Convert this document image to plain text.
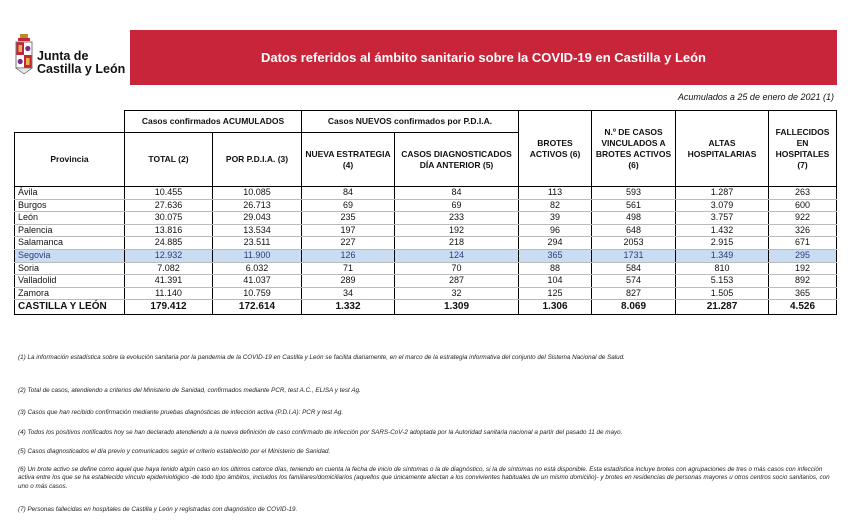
Junta de
Castilla y León
Datos referidos al ámbito sanitario sobre la COVID-19 en Castilla y León
Acumulados a 25 de enero de 2021 (1)
	Casos confirmados ACUMULADOS		Casos NUEVOS confirmados por P.D.I.A.		BROTES ACTIVOS (6)	N.º DE CASOS VINCULADOS A BROTES ACTIVOS (6)	ALTAS HOSPITALARIAS	FALLECIDOS EN HOSPITALES (7)
Provincia	TOTAL (2)	POR P.D.I.A. (3)	NUEVA ESTRATEGIA (4)	CASOS DIAGNOSTICADOS DÍA ANTERIOR (5)				
Ávila	10.455	10.085	84	84	113	593	1.287	263
Burgos	27.636	26.713	69	69	82	561	3.079	600
León	30.075	29.043	235	233	39	498	3.757	922
Palencia	13.816	13.534	197	192	96	648	1.432	326
Salamanca	24.885	23.511	227	218	294	2053	2.915	671
Segovia	12.932	11.900	126	124	365	1731	1.349	295
Soria	7.082	6.032	71	70	88	584	810	192
Valladolid	41.391	41.037	289	287	104	574	5.153	892
Zamora	11.140	10.759	34	32	125	827	1.505	365
CASTILLA Y LEÓN	179.412	172.614	1.332	1.309	1.306	8.069	21.287	4.526

(1) La información estadística sobre la evolución sanitaria por la pandemia de la COVID-19 en Castilla y León se facilita diariamente, en el marco de la estrategia informativa del conjunto del Sistema Nacional de Salud.

(2) Total de casos, atendiendo a criterios del Ministerio de Sanidad, confirmados mediante PCR, test A.C., ELISA y test Ag.

(3) Casos que han recibido confirmación mediante pruebas diagnósticas de infección activa (P.D.I.A): PCR y test Ag.

(4) Todos los positivos notificados hoy se han declarado atendiendo a la nueva definición de caso confirmado de infección por SARS-CoV-2 adoptada por la Autoridad sanitaria nacional a partir del pasado 11 de mayo.

(5) Casos diagnosticados el día previo y comunicados según el criterio establecido por el Ministerio de Sanidad.

(6) Un brote activo se define como aquel que haya tenido algún caso en los últimos catorce días, teniendo en cuenta la fecha de inicio de síntomas o la de diagnóstico, si la de síntomas no está disponible. Esta estadística incluye brotes con agrupaciones de tres o más casos con infección activa entre los que se ha establecido vínculo epidemiológico -de todo tipo ámbitos, incluidos los familiares/domiciliarios (aquellos que únicamente afectan a los convivientes habituales de un mismo domicilio)- y brotes en residencias de personas mayores u otros centros socio sanitarios, con uno o más casos.

(7) Personas fallecidas en hospitales de Castilla y León y registradas con diagnóstico de COVID-19.
